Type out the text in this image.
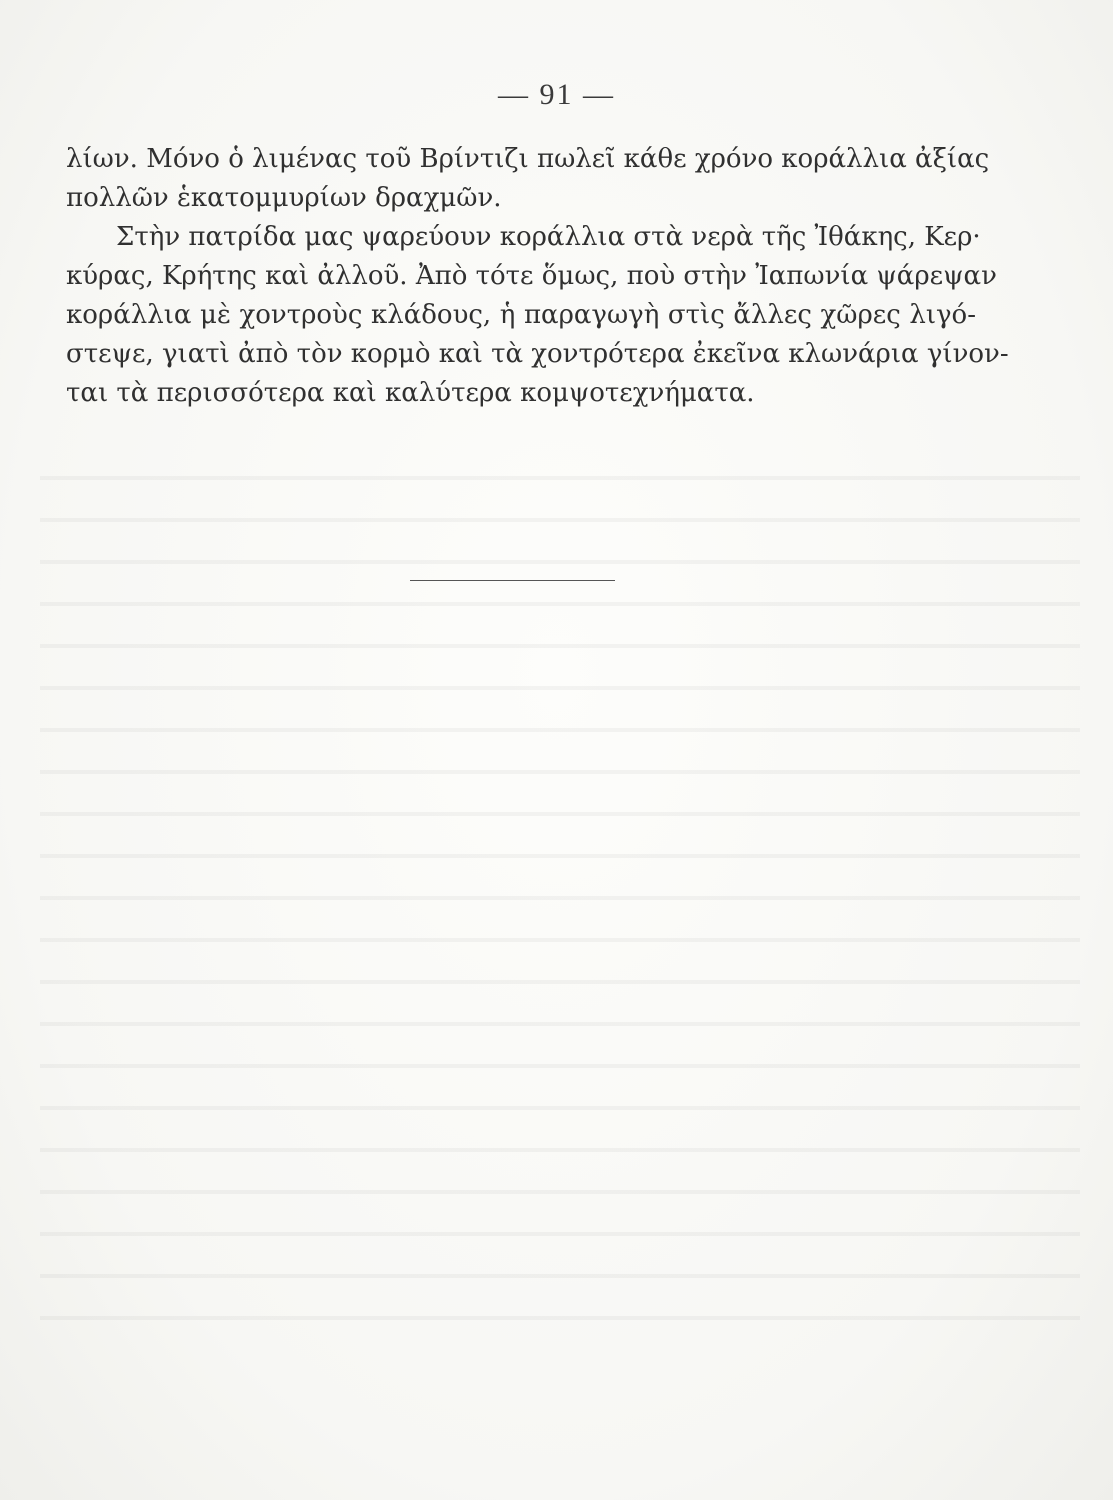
— 91 —
λίων. Μόνο ὁ λιμένας τοῦ Βρίντιζι πωλεῖ κάθε χρόνο κοράλλια ἀξίας
πολλῶν ἑκατομμυρίων δραχμῶν.
Στὴν πατρίδα μας ψαρεύουν κοράλλια στὰ νερὰ τῆς Ἰθάκης, Κερ·
κύρας, Κρήτης καὶ ἀλλοῦ. Ἀπὸ τότε ὅμως, ποὺ στὴν Ἰαπωνία ψάρεψαν
κοράλλια μὲ χοντροὺς κλάδους, ἡ παραγωγὴ στὶς ἄλλες χῶρες λιγό-
στεψε, γιατὶ ἀπὸ τὸν κορμὸ καὶ τὰ χοντρότερα ἐκεῖνα κλωνάρια γίνον-
ται τὰ περισσότερα καὶ καλύτερα κομψοτεχνήματα.
